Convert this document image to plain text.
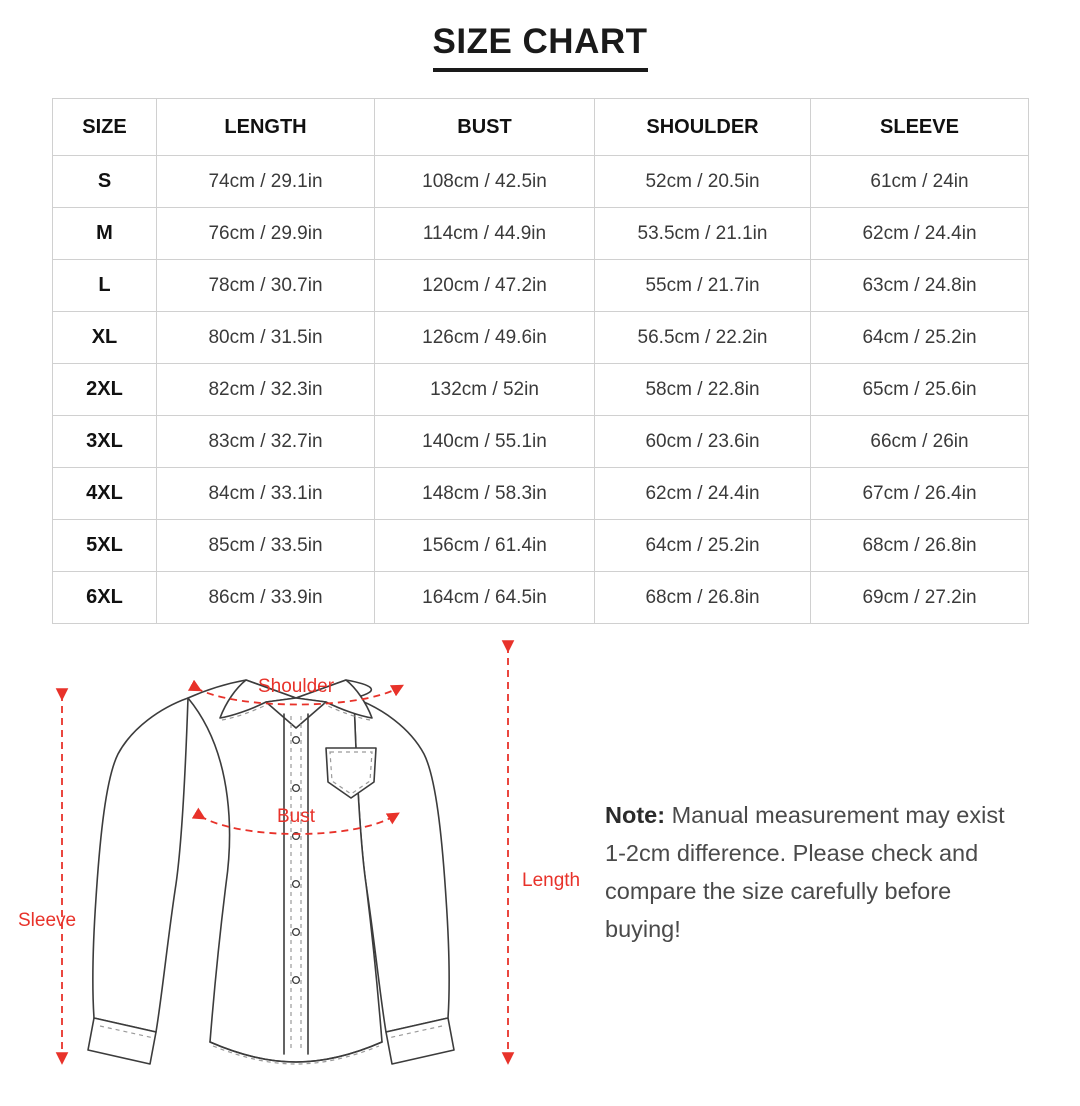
SIZE CHART
SIZE	LENGTH	BUST	SHOULDER	SLEEVE
S	74cm / 29.1in	108cm / 42.5in	52cm / 20.5in	61cm / 24in
M	76cm / 29.9in	114cm / 44.9in	53.5cm / 21.1in	62cm / 24.4in
L	78cm / 30.7in	120cm / 47.2in	55cm / 21.7in	63cm / 24.8in
XL	80cm / 31.5in	126cm / 49.6in	56.5cm / 22.2in	64cm / 25.2in
2XL	82cm / 32.3in	132cm / 52in	58cm / 22.8in	65cm / 25.6in
3XL	83cm / 32.7in	140cm / 55.1in	60cm / 23.6in	66cm / 26in
4XL	84cm / 33.1in	148cm / 58.3in	62cm / 24.4in	67cm / 26.4in
5XL	85cm / 33.5in	156cm / 61.4in	64cm / 25.2in	68cm / 26.8in
6XL	86cm / 33.9in	164cm / 64.5in	68cm / 26.8in	69cm / 27.2in
Shoulder
Bust
Length
Sleeve
Note: Manual measurement may exist 1-2cm difference. Please check and compare the size carefully before buying!
